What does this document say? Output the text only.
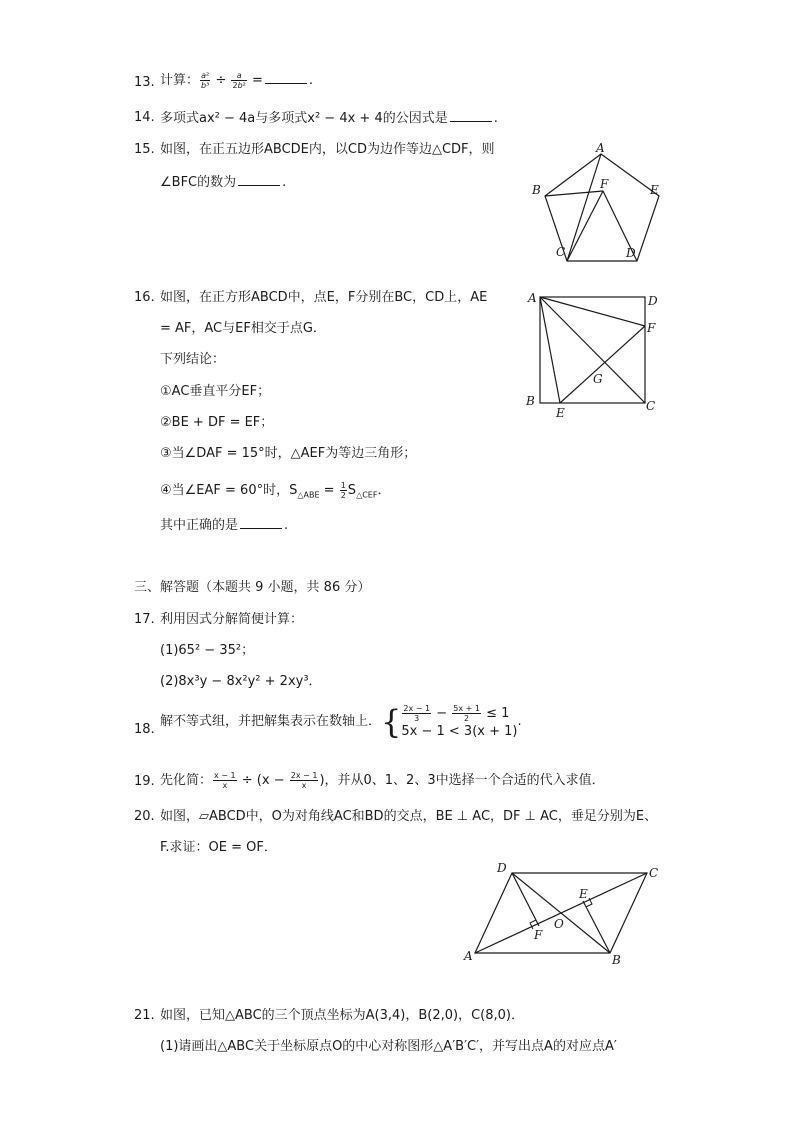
13. 计算： $\frac{\text{a²}}{\text{b³}} \div \frac{a}{\text{2b²}}$ =	.
14. 多项式ax² − 4a与多项式x² − 4x + 4的公因式是	.
15. 如图，在正五边形ABCDE内，以CD为边作等边△CDF，则
∠BFC的数为	.
A
B	F	E
C	D
16. 如图，在正方形ABCD中，点E，F分别在BC，CD上，AE
= AF，AC与EF相交于点G．
下列结论：
①AC垂直平分EF；
②BE + DF = EF；
③当∠DAF = 15°时，△AEF为等边三角形；
④当∠EAF = 60°时，$S_{\triangle ABE} = \frac{1}{2} S_{\triangle CEF}$．
其中正确的是	.
A	D
F
G
B
E	C
三、解答题（本题共 9 小题，共 86 分）
17. 利用因式分解简便计算：
(1)65² − 35²；
(2)8x³y − 8x²y² + 2xy³．
18.
解不等式组，并把解集表示在数轴上．{ $\frac{2x - 1}{3} - \frac{5x + 1}{2} \le 1$
5x − 1 < 3(x + 1)
.
19. 先化简： $\frac{x - 1}{x} \div (x - \frac{2x - 1}{x}$ )，并从0、1、2、3中选择一个合适的代入求值．
20. 如图，▱ABCD中，O为对角线AC和BD的交点，BE ⊥ AC，DF ⊥ AC，垂足分别为E、
F.求证：OE = OF．
D	C
E
O
F
A	B
21. 如图，已知△ABC的三个顶点坐标为A(3,4)，B(2,0)，C(8,0)．
(1)请画出△ABC关于坐标原点O的中心对称图形△A′B′C′，并写出点A的对应点A′
